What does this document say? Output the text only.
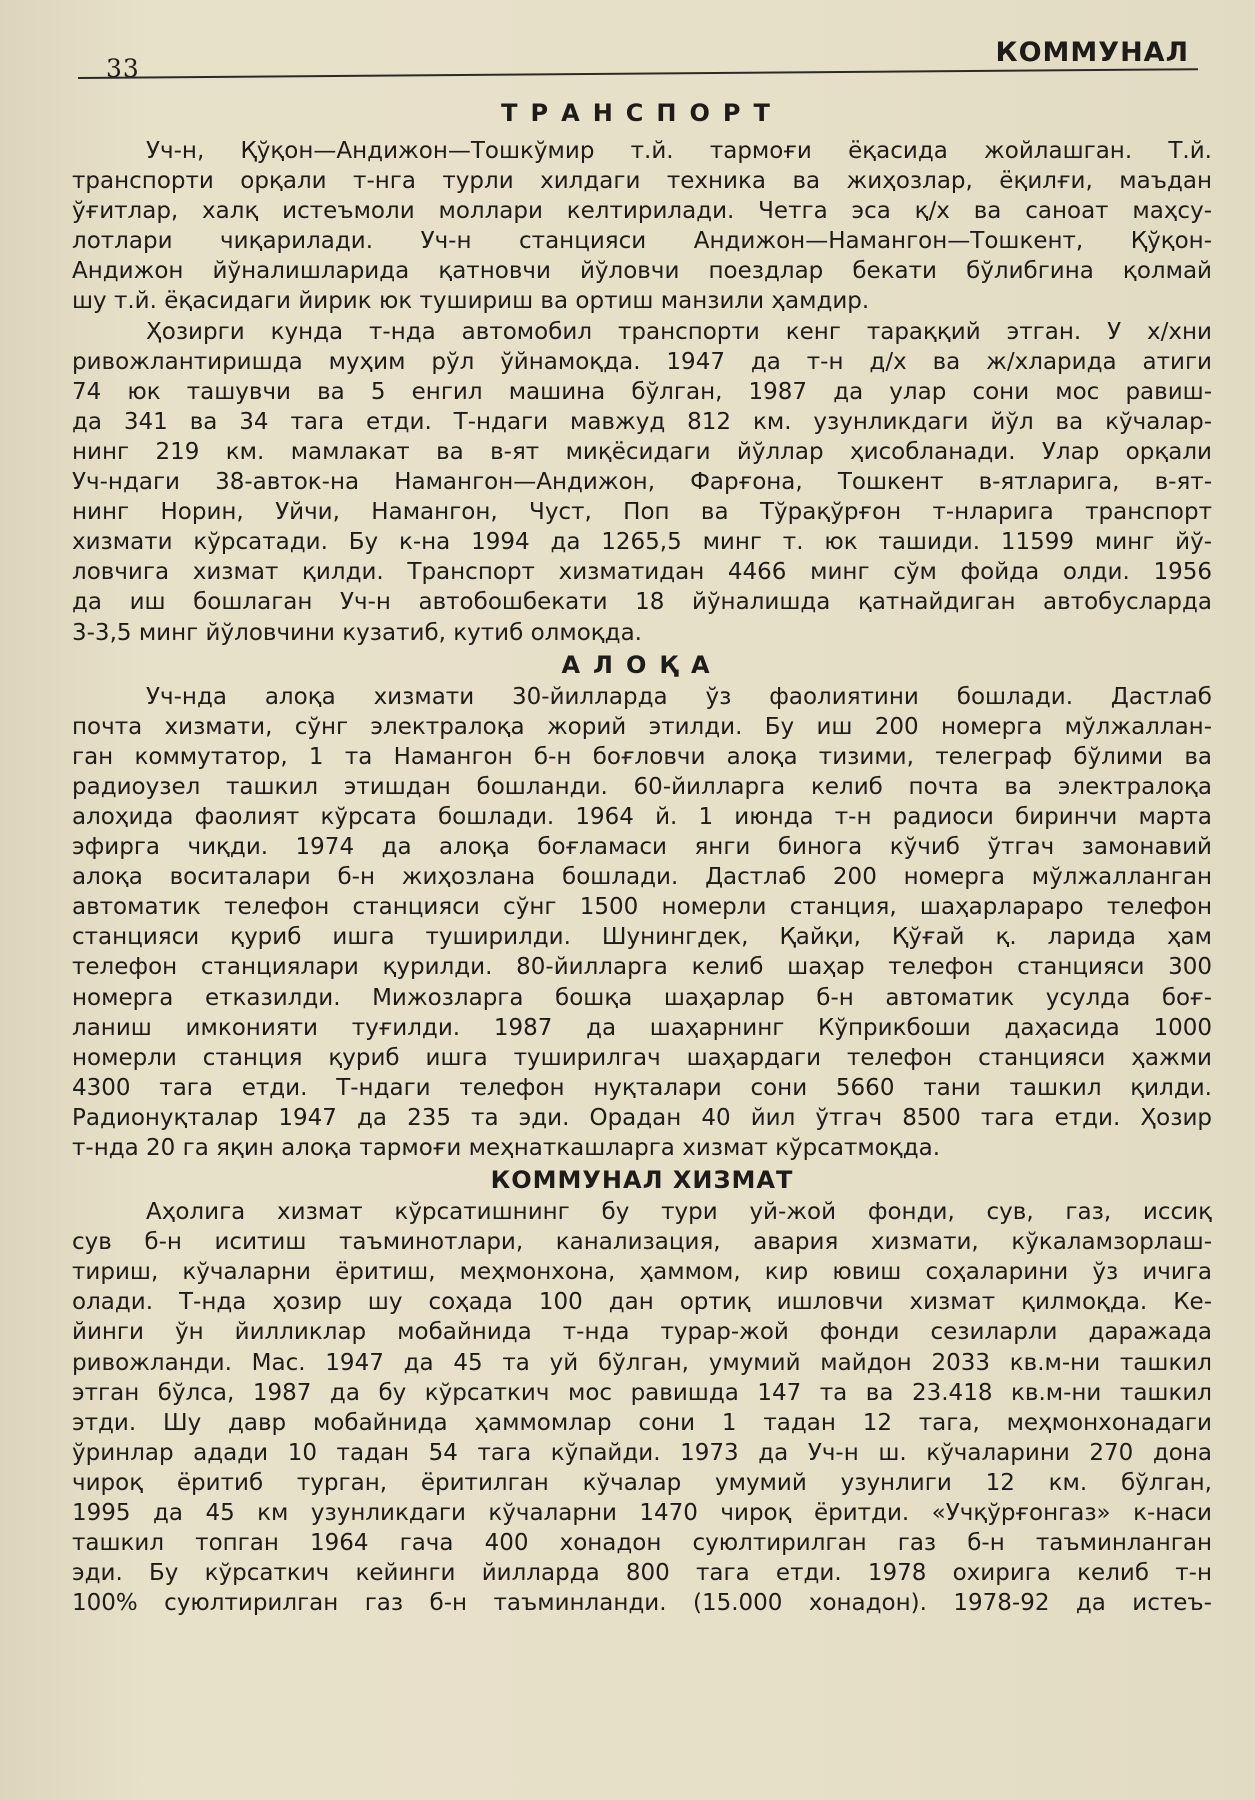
33
КОММУНАЛ
ТРАНСПОРТ
Уч-н, Қўқон—Андижон—Тошкўмир т.й. тармоғи ёқасида жойлашган. Т.й.
транспорти орқали т-нга турли хилдаги техника ва жиҳозлар, ёқилғи, маъдан
ўғитлар, халқ истеъмоли моллари келтирилади. Четга эса қ/х ва саноат маҳсу-
лотлари чиқарилади. Уч-н станцияси Андижон—Намангон—Тошкент, Қўқон-
Андижон йўналишларида қатновчи йўловчи поездлар бекати бўлибгина қолмай
шу т.й. ёқасидаги йирик юк тушириш ва ортиш манзили ҳамдир.
Ҳозирги кунда т-нда автомобил транспорти кенг тараққий этган. У х/хни
ривожлантиришда муҳим рўл ўйнамоқда. 1947 да т-н д/х ва ж/хларида атиги
74 юк ташувчи ва 5 енгил машина бўлган, 1987 да улар сони мос равиш-
да 341 ва 34 тага етди. Т-ндаги мавжуд 812 км. узунликдаги йўл ва кўчалар-
нинг 219 км. мамлакат ва в-ят миқёсидаги йўллар ҳисобланади. Улар орқали
Уч-ндаги 38-авток-на Намангон—Андижон, Фарғона, Тошкент в-ятларига, в-ят-
нинг Норин, Уйчи, Намангон, Чуст, Поп ва Тўрақўрғон т-нларига транспорт
хизмати кўрсатади. Бу к-на 1994 да 1265,5 минг т. юк ташиди. 11599 минг йў-
ловчига хизмат қилди. Транспорт хизматидан 4466 минг сўм фойда олди. 1956
да иш бошлаган Уч-н автобошбекати 18 йўналишда қатнайдиган автобусларда
3-3,5 минг йўловчини кузатиб, кутиб олмоқда.
АЛОҚА
Уч-нда алоқа хизмати 30-йилларда ўз фаолиятини бошлади. Дастлаб
почта хизмати, сўнг электралоқа жорий этилди. Бу иш 200 номерга мўлжаллан-
ган коммутатор, 1 та Намангон б-н боғловчи алоқа тизими, телеграф бўлими ва
радиоузел ташкил этишдан бошланди. 60-йилларга келиб почта ва электралоқа
алоҳида фаолият кўрсата бошлади. 1964 й. 1 июнда т-н радиоси биринчи марта
эфирга чиқди. 1974 да алоқа боғламаси янги бинога кўчиб ўтгач замонавий
алоқа воситалари б-н жиҳозлана бошлади. Дастлаб 200 номерга мўлжалланган
автоматик телефон станцияси сўнг 1500 номерли станция, шаҳарлараро телефон
станцияси қуриб ишга туширилди. Шунингдек, Қайқи, Қўғай қ. ларида ҳам
телефон станциялари қурилди. 80-йилларга келиб шаҳар телефон станцияси 300
номерга етказилди. Мижозларга бошқа шаҳарлар б-н автоматик усулда боғ-
ланиш имконияти туғилди. 1987 да шаҳарнинг Кўприкбоши даҳасида 1000
номерли станция қуриб ишга туширилгач шаҳардаги телефон станцияси ҳажми
4300 тага етди. Т-ндаги телефон нуқталари сони 5660 тани ташкил қилди.
Радионуқталар 1947 да 235 та эди. Орадан 40 йил ўтгач 8500 тага етди. Ҳозир
т-нда 20 га яқин алоқа тармоғи меҳнаткашларга хизмат кўрсатмоқда.
КОММУНАЛ ХИЗМАТ
Аҳолига хизмат кўрсатишнинг бу тури уй-жой фонди, сув, газ, иссиқ
сув б-н иситиш таъминотлари, канализация, авария хизмати, кўкаламзорлаш-
тириш, кўчаларни ёритиш, меҳмонхона, ҳаммом, кир ювиш соҳаларини ўз ичига
олади. Т-нда ҳозир шу соҳада 100 дан ортиқ ишловчи хизмат қилмоқда. Ке-
йинги ўн йилликлар мобайнида т-нда турар-жой фонди сезиларли даражада
ривожланди. Мас. 1947 да 45 та уй бўлган, умумий майдон 2033 кв.м-ни ташкил
этган бўлса, 1987 да бу кўрсаткич мос равишда 147 та ва 23.418 кв.м-ни ташкил
этди. Шу давр мобайнида ҳаммомлар сони 1 тадан 12 тага, меҳмонхонадаги
ўринлар адади 10 тадан 54 тага кўпайди. 1973 да Уч-н ш. кўчаларини 270 дона
чироқ ёритиб турган, ёритилган кўчалар умумий узунлиги 12 км. бўлган,
1995 да 45 км узунликдаги кўчаларни 1470 чироқ ёритди. «Учқўрғонгаз» к-наси
ташкил топган 1964 гача 400 хонадон суюлтирилган газ б-н таъминланган
эди. Бу кўрсаткич кейинги йилларда 800 тага етди. 1978 охирига келиб т-н
100% суюлтирилган газ б-н таъминланди. (15.000 хонадон). 1978-92 да истеъ-
